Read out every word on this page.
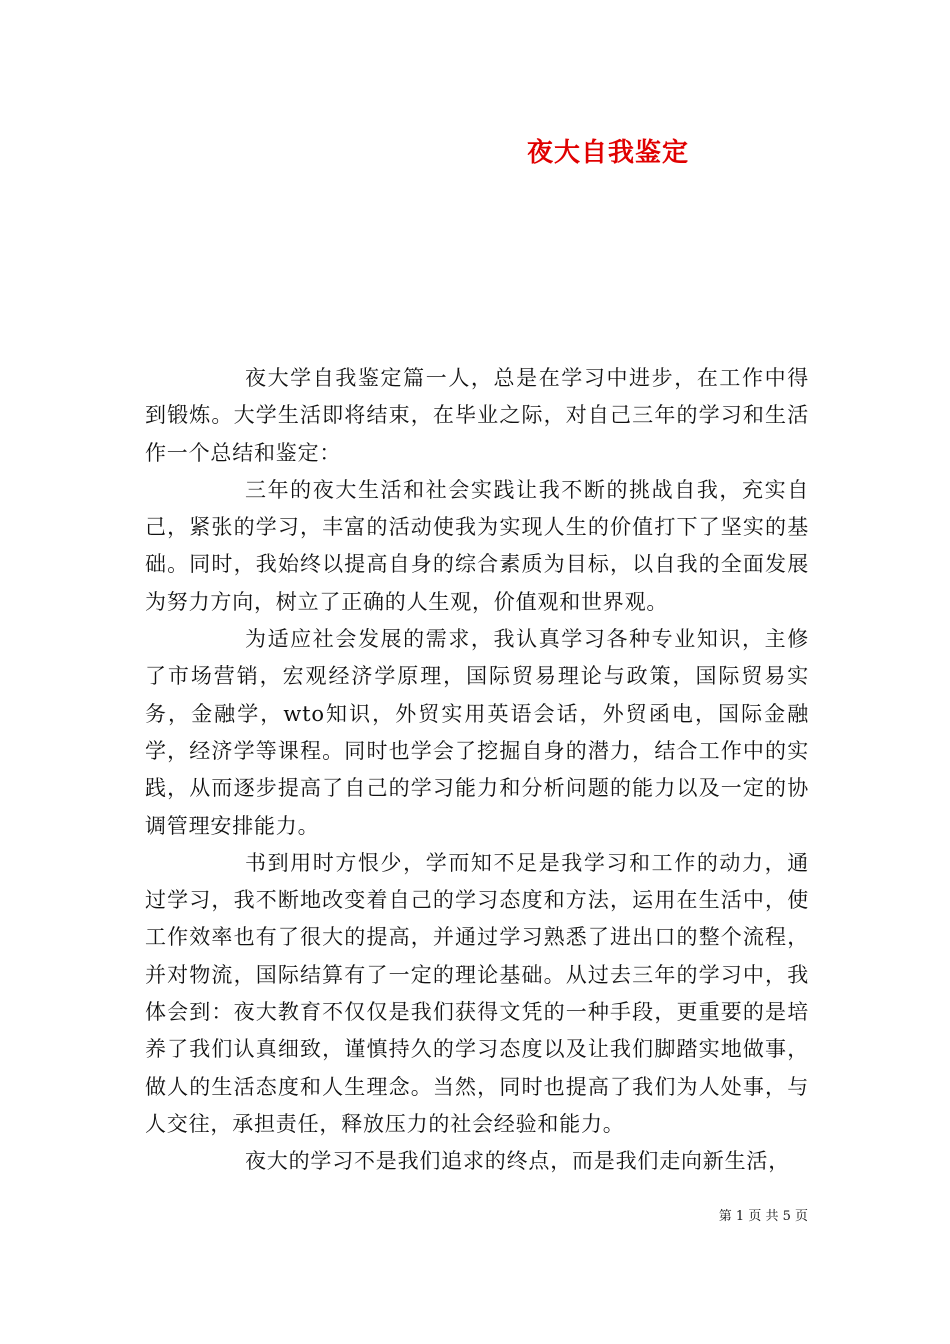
夜大自我鉴定

夜大学自我鉴定篇一人，总是在学习中进步，在工作中得到锻炼。大学生活即将结束，在毕业之际，对自己三年的学习和生活作一个总结和鉴定：

三年的夜大生活和社会实践让我不断的挑战自我，充实自己，紧张的学习，丰富的活动使我为实现人生的价值打下了坚实的基础。同时，我始终以提高自身的综合素质为目标，以自我的全面发展为努力方向，树立了正确的人生观，价值观和世界观。

为适应社会发展的需求，我认真学习各种专业知识，主修了市场营销，宏观经济学原理，国际贸易理论与政策，国际贸易实务，金融学，wto知识，外贸实用英语会话，外贸函电，国际金融学，经济学等课程。同时也学会了挖掘自身的潜力，结合工作中的实践，从而逐步提高了自己的学习能力和分析问题的能力以及一定的协调管理安排能力。

书到用时方恨少，学而知不足是我学习和工作的动力，通过学习，我不断地改变着自己的学习态度和方法，运用在生活中，使工作效率也有了很大的提高，并通过学习熟悉了进出口的整个流程，并对物流，国际结算有了一定的理论基础。从过去三年的学习中，我体会到：夜大教育不仅仅是我们获得文凭的一种手段，更重要的是培养了我们认真细致，谨慎持久的学习态度以及让我们脚踏实地做事，做人的生活态度和人生理念。当然，同时也提高了我们为人处事，与人交往，承担责任，释放压力的社会经验和能力。

夜大的学习不是我们追求的终点，而是我们走向新生活，

第 1 页 共 5 页
